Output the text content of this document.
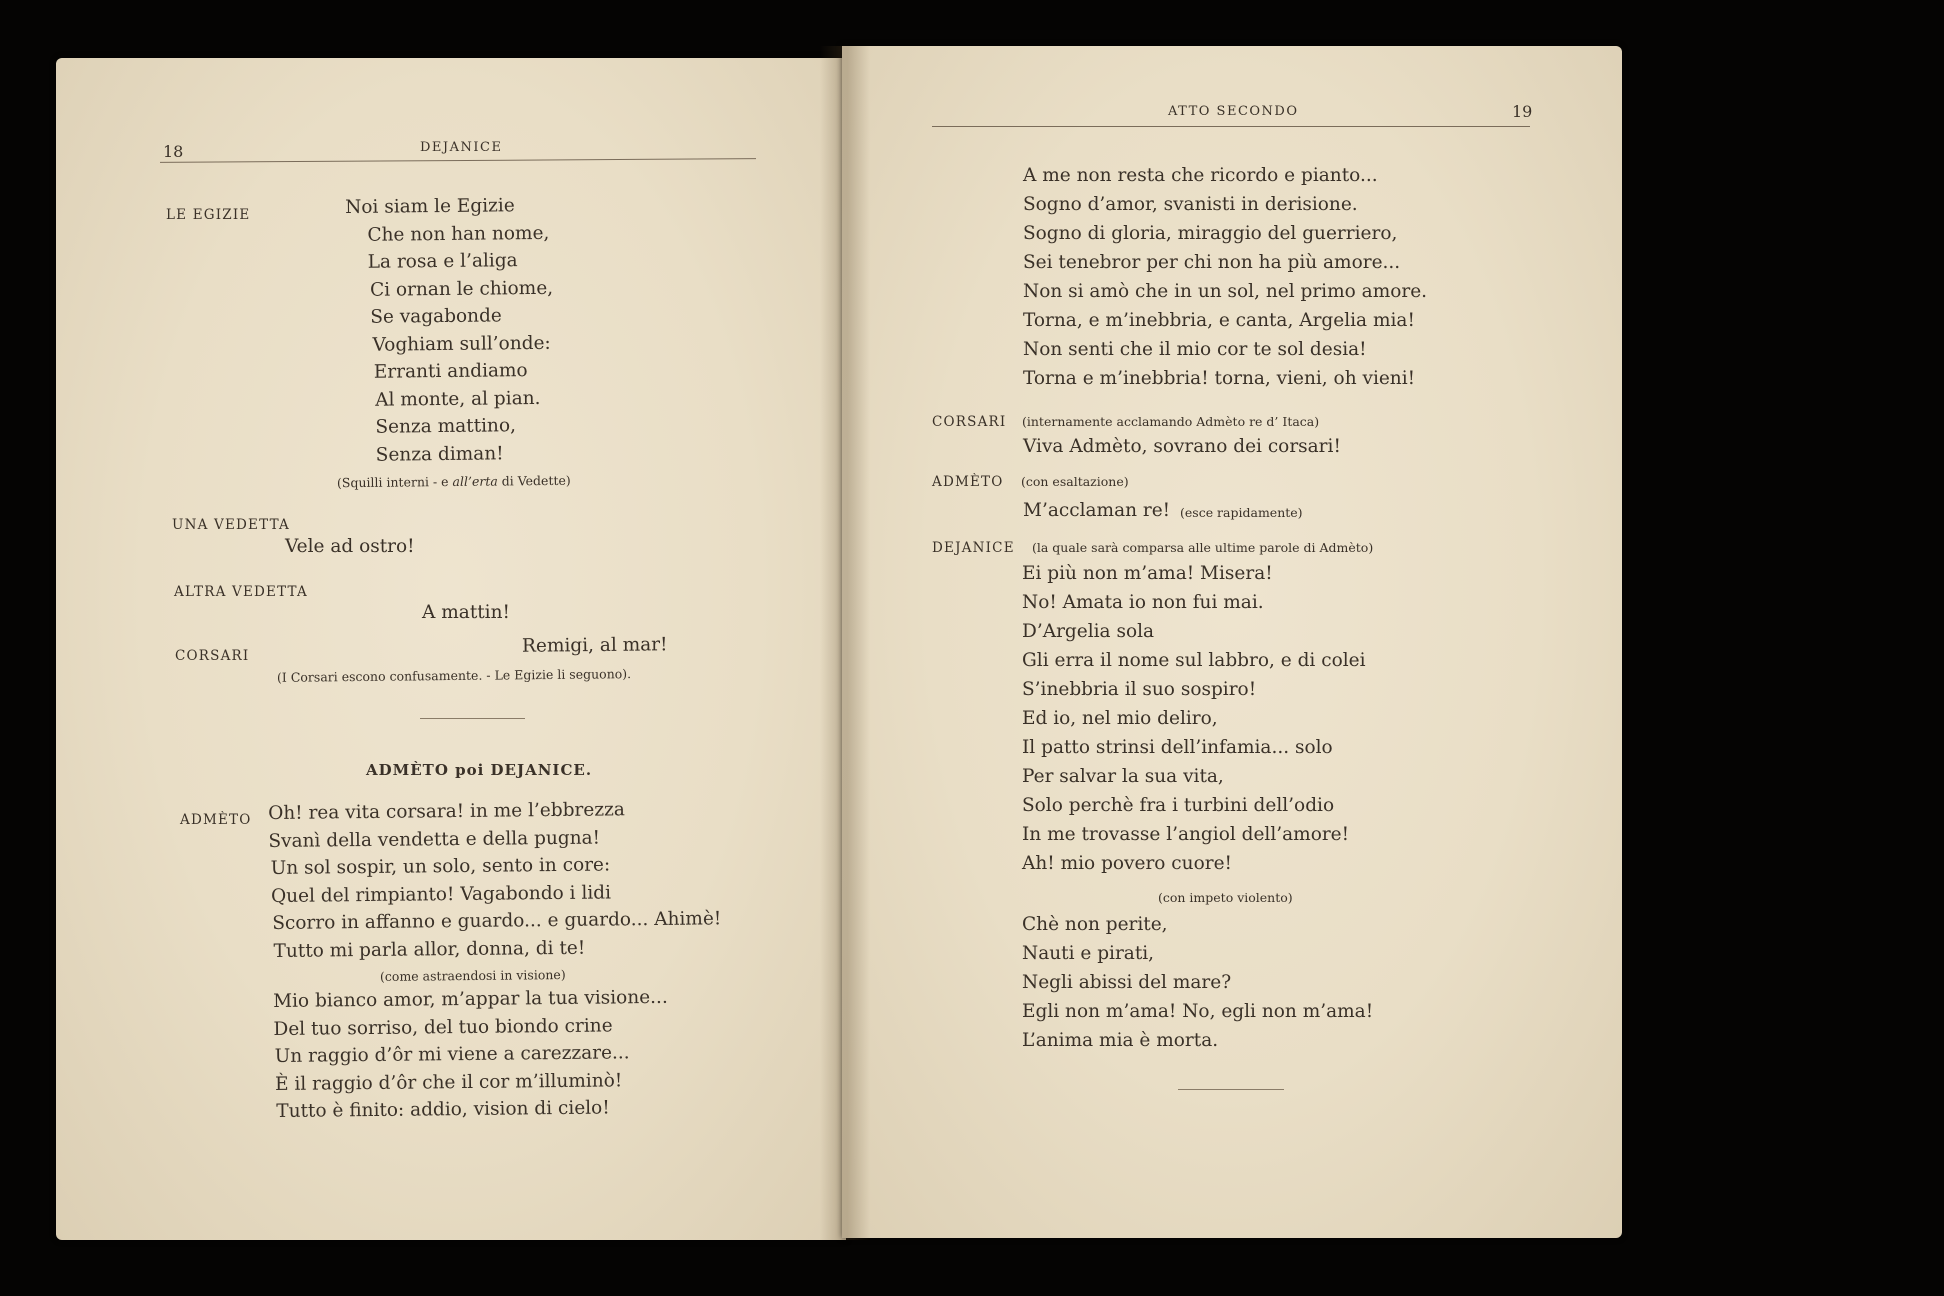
18	DEJANICE
LE EGIZIE	Noi siam le Egizie
Che non han nome,
La rosa e l’aliga
Ci ornan le chiome,
Se vagabonde
Voghiam sull’onde:
Erranti andiamo
Al monte, al pian.
Senza mattino,
Senza diman!
(Squilli interni - e all’erta di Vedette)
UNA VEDETTA
Vele ad ostro!
ALTRA VEDETTA
A mattin!
CORSARI	Remigi, al mar!
(I Corsari escono confusamente. - Le Egizie li seguono).
ADMÈTO poi DEJANICE.
ADMÈTO Oh! rea vita corsara! in me l’ebbrezza
Svanì della vendetta e della pugna!
Un sol sospir, un solo, sento in core:
Quel del rimpianto! Vagabondo i lidi
Scorro in affanno e guardo... e guardo... Ahimè!
Tutto mi parla allor, donna, di te!
(come astraendosi in visione)
Mio bianco amor, m’appar la tua visione...
Del tuo sorriso, del tuo biondo crine
Un raggio d’ôr mi viene a carezzare...
È il raggio d’ôr che il cor m’illuminò!
Tutto è finito: addio, vision di cielo!
ATTO SECONDO	19
A me non resta che ricordo e pianto...
Sogno d’amor, svanisti in derisione.
Sogno di gloria, miraggio del guerriero,
Sei tenebror per chi non ha più amore...
Non si amò che in un sol, nel primo amore.
Torna, e m’inebbria, e canta, Argelia mia!
Non senti che il mio cor te sol desia!
Torna e m’inebbria! torna, vieni, oh vieni!
CORSARI (internamente acclamando Admèto re d’ Itaca)
Viva Admèto, sovrano dei corsari!
ADMÈTO (con esaltazione)
M’acclaman re! (esce rapidamente)
DEJANICE (la quale sarà comparsa alle ultime parole di Admèto)
Ei più non m’ama! Misera!
No! Amata io non fui mai.
D’Argelia sola
Gli erra il nome sul labbro, e di colei
S’inebbria il suo sospiro!
Ed io, nel mio deliro,
Il patto strinsi dell’infamia... solo
Per salvar la sua vita,
Solo perchè fra i turbini dell’odio
In me trovasse l’angiol dell’amore!
Ah! mio povero cuore!
(con impeto violento)
Chè non perite,
Nauti e pirati,
Negli abissi del mare?
Egli non m’ama! No, egli non m’ama!
L’anima mia è morta.
